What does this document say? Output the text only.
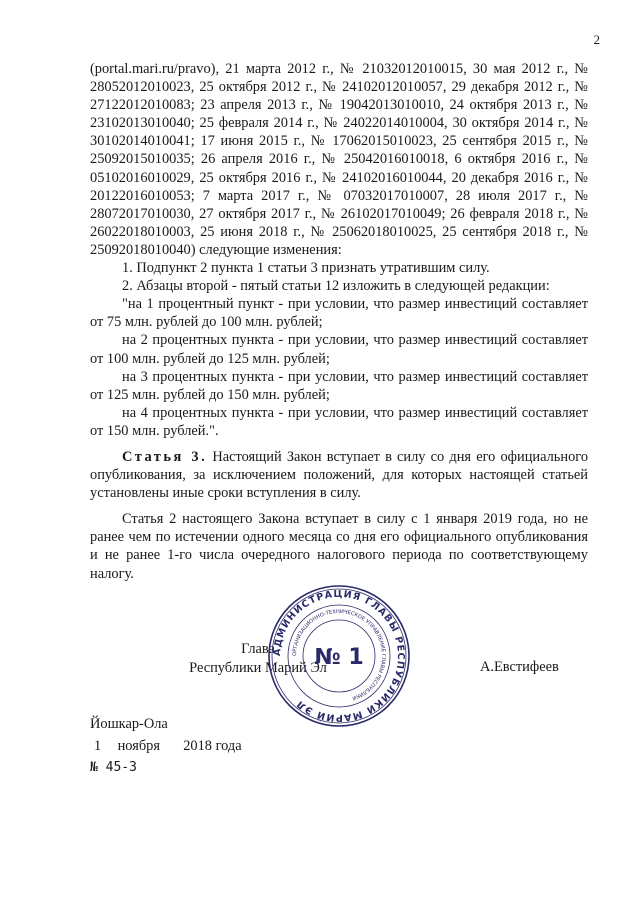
2

(portal.mari.ru/pravo), 21 марта 2012 г., № 21032012010015, 30 мая 2012 г., № 28052012010023, 25 октября 2012 г., № 24102012010057, 29 декабря 2012 г., № 27122012010083; 23 апреля 2013 г., № 19042013010010, 24 октября 2013 г., № 23102013010040; 25 февраля 2014 г., № 24022014010004, 30 октября 2014 г., № 30102014010041; 17 июня 2015 г., № 17062015010023, 25 сентября 2015 г., № 25092015010035; 26 апреля 2016 г., № 25042016010018, 6 октября 2016 г., № 05102016010029, 25 октября 2016 г., № 24102016010044, 20 декабря 2016 г., № 20122016010053; 7 марта 2017 г., № 07032017010007, 28 июля 2017 г., № 28072017010030, 27 октября 2017 г., № 26102017010049; 26 февраля 2018 г., № 26022018010003, 25 июня 2018 г., № 25062018010025, 25 сентября 2018 г., № 25092018010040) следующие изменения:

1. Подпункт 2 пункта 1 статьи 3 признать утратившим силу.

2. Абзацы второй - пятый статьи 12 изложить в следующей редакции:

"на 1 процентный пункт - при условии, что размер инвестиций составляет от 75 млн. рублей до 100 млн. рублей;

на 2 процентных пункта - при условии, что размер инвестиций составляет от 100 млн. рублей до 125 млн. рублей;

на 3 процентных пункта - при условии, что размер инвестиций составляет от 125 млн. рублей до 150 млн. рублей;

на 4 процентных пункта - при условии, что размер инвестиций составляет от 150 млн. рублей.".

Статья 3. Настоящий Закон вступает в силу со дня его официального опубликования, за исключением положений, для которых настоящей статьей установлены иные сроки вступления в силу.

Статья 2 настоящего Закона вступает в силу с 1 января 2019 года, но не ранее чем по истечении одного месяца со дня его официального опубликования и не ранее 1-го числа очередного налогового периода по соответствующему налогу.

Глава
Республики Марий Эл
АДМИНИСТРАЦИЯ ГЛАВЫ РЕСПУБЛИКИ МАРИЙ ЭЛ
ОРГАНИЗАЦИОННО-ТЕХНИЧЕСКОЕ УПРАВЛЕНИЕ ГЛАВЫ РЕСПУБЛИКИ
№ 1	А.Евстифеев
Йошкар-Ола
1 ноября 2018 года
№ 45-З
